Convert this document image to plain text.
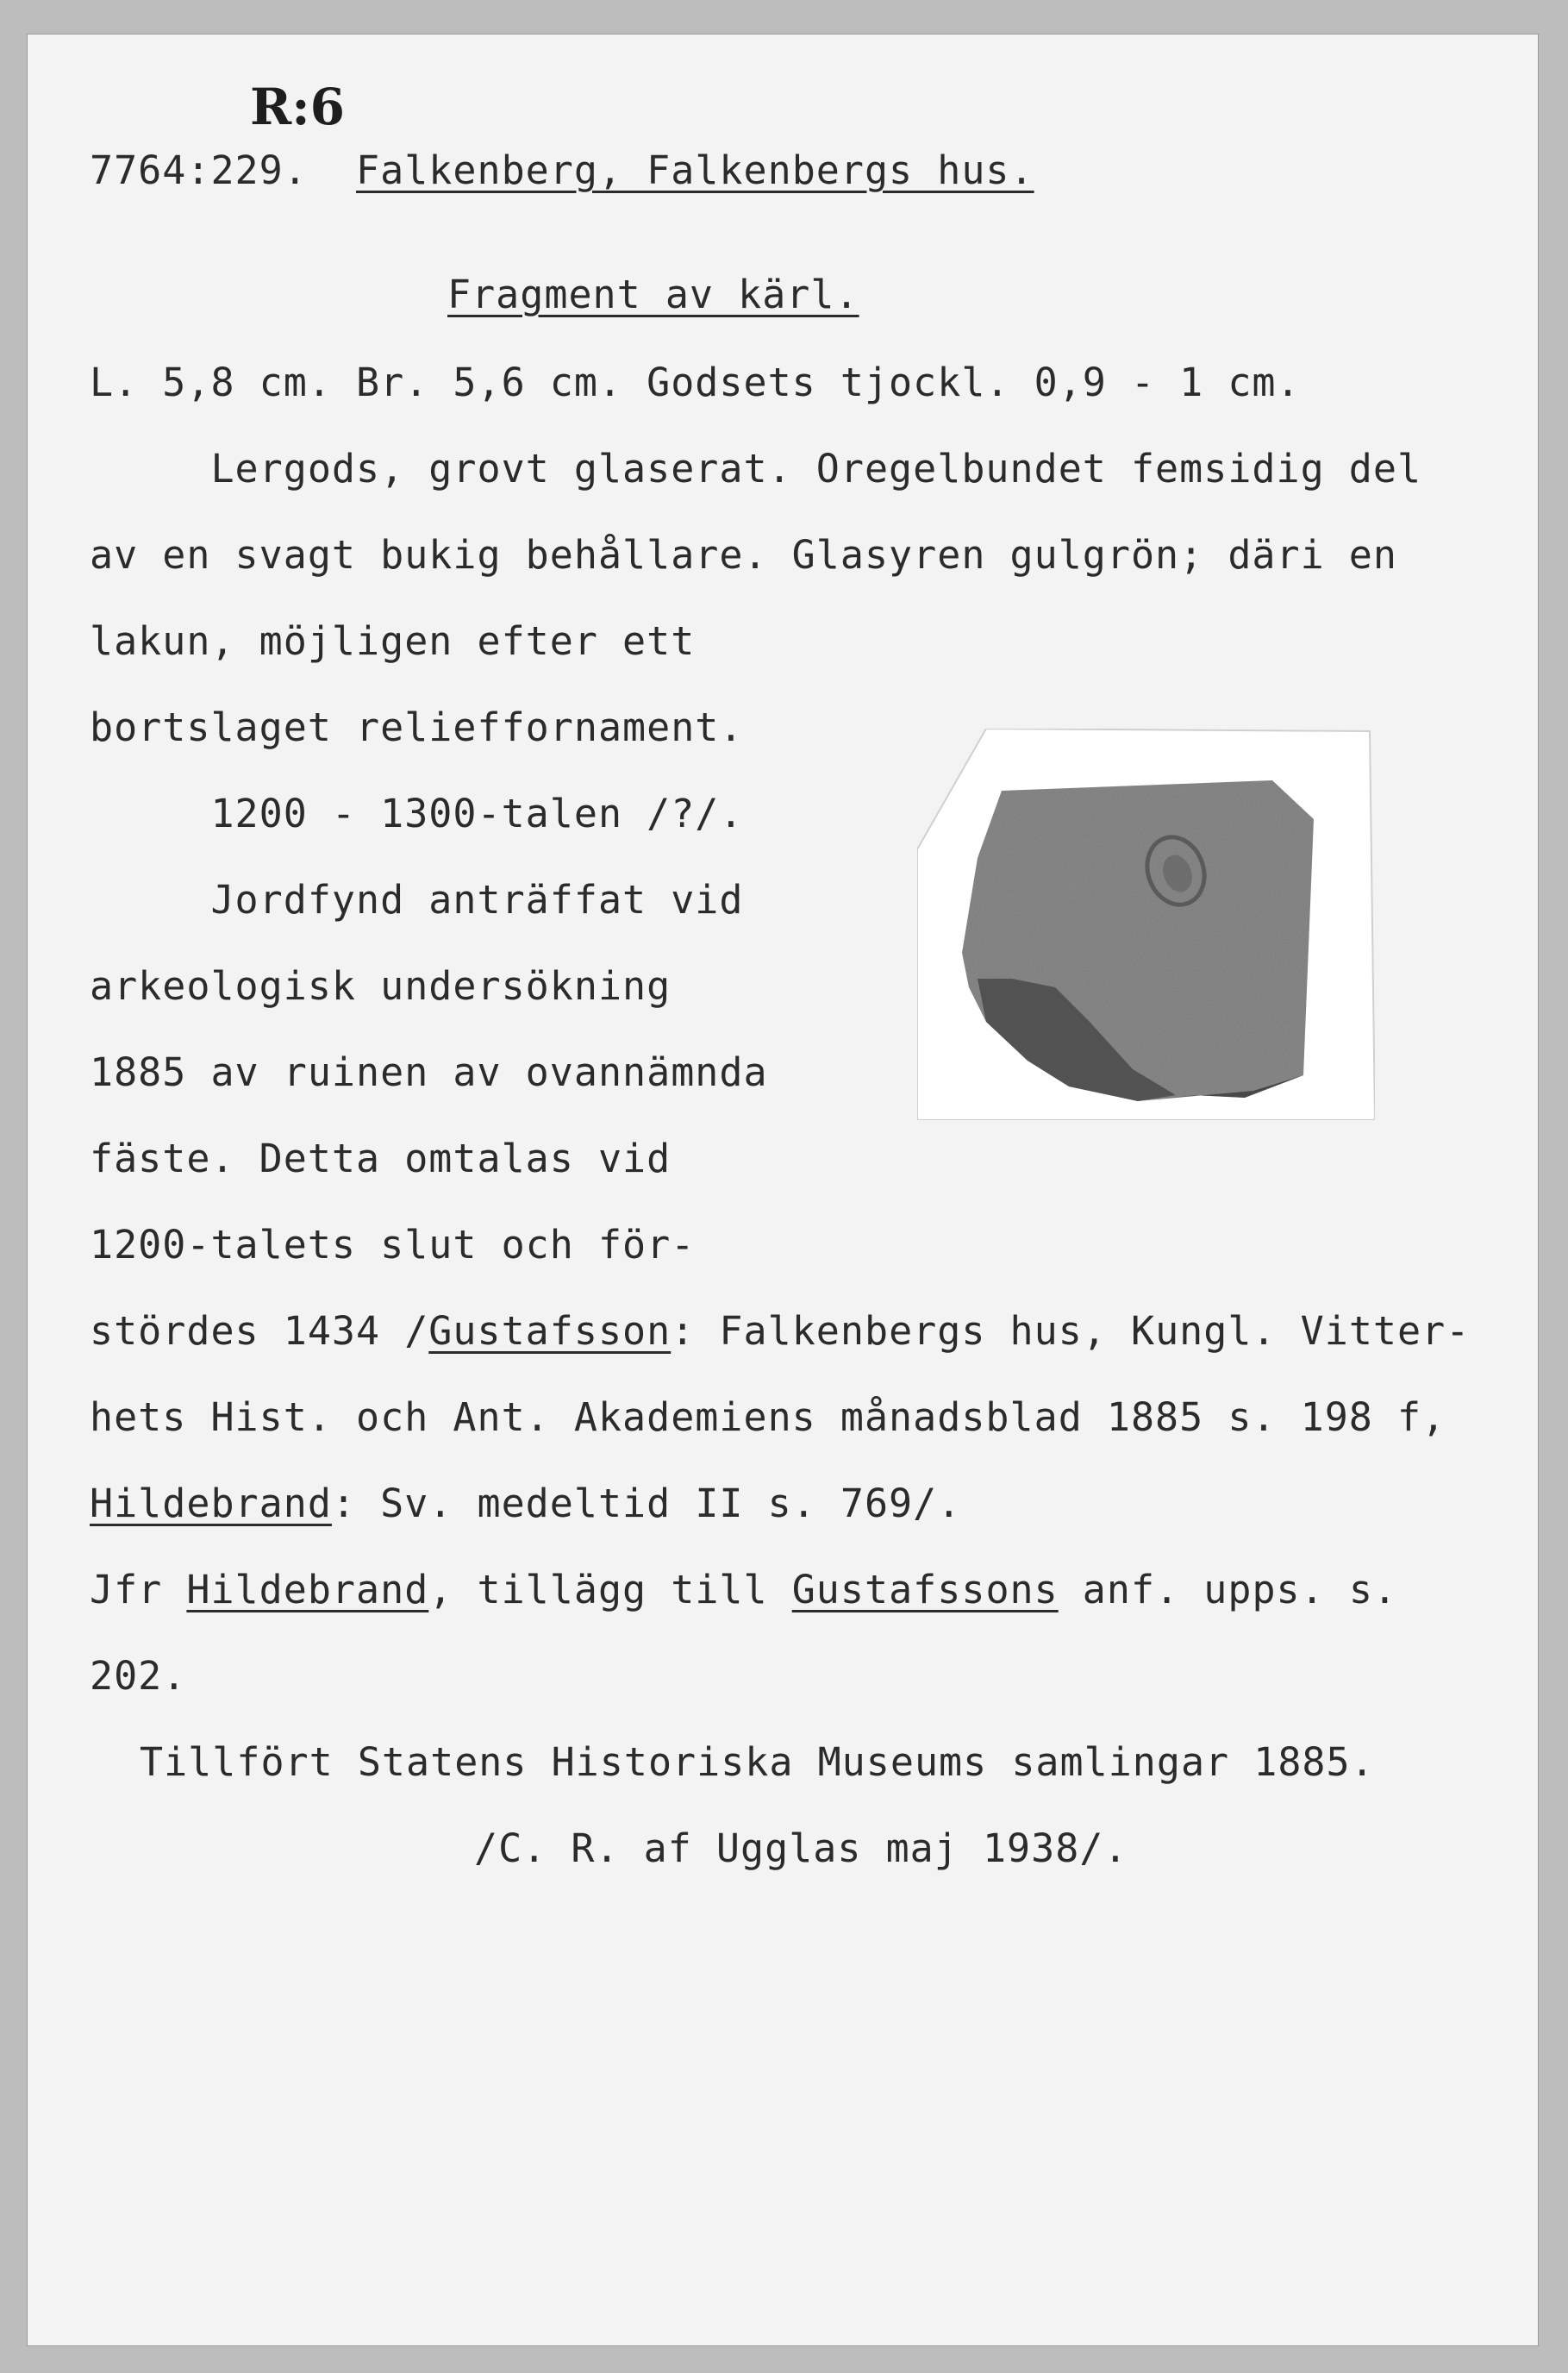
R:6
7764:229. Falkenberg, Falkenbergs hus.
Fragment av kärl.
L. 5,8 cm. Br. 5,6 cm. Godsets tjockl. 0,9 - 1 cm.
Lergods, grovt glaserat. Oregelbundet femsidig del
av en svagt bukig behållare. Glasyren gulgrön; däri en
lakun, möjligen efter ett
bortslaget relieffornament.
1200 - 1300-talen /?/.
Jordfynd anträffat vid
arkeologisk undersökning
1885 av ruinen av ovannämnda
fäste. Detta omtalas vid
1200-talets slut och för-
stördes 1434 /Gustafsson: Falkenbergs hus, Kungl. Vitter-
hets Hist. och Ant. Akademiens månadsblad 1885 s. 198 f,
Hildebrand: Sv. medeltid II s. 769/.
Jfr Hildebrand, tillägg till Gustafssons anf. upps. s.
202.
Tillfört Statens Historiska Museums samlingar 1885.
/C. R. af Ugglas maj 1938/.
